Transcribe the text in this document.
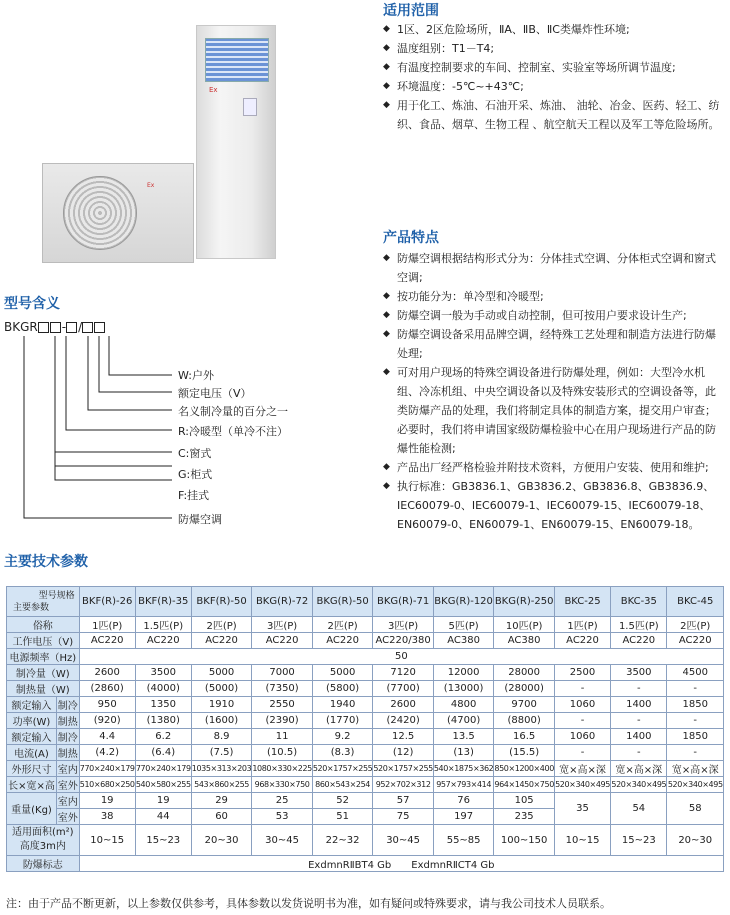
Ex
Ex
适用范围
◆ 1区、2区危险场所，ⅡA、ⅡB、ⅡC类爆炸性环境;
◆ 温度组别：T1－T4;
◆ 有温度控制要求的车间、控制室、实验室等场所调节温度;
◆ 环境温度：-5℃~+43℃;
◆ 用于化工、炼油、石油开采、炼油、 油轮、冶金、医药、轻工、纺织、食品、烟草、生物工程 、航空航天工程以及军工等危险场所。
产品特点
◆ 防爆空调根据结构形式分为：分体挂式空调、分体柜式空调和窗式空调;
◆ 按功能分为：单冷型和冷暖型;
◆ 防爆空调一般为手动或自动控制，但可按用户要求设计生产;
◆ 防爆空调设备采用品牌空调，经特殊工艺处理和制造方法进行防爆处理;
◆ 可对用户现场的特殊空调设备进行防爆处理，例如：大型冷水机组、冷冻机组、中央空调设备以及特殊安装形式的空调设备等，此类防爆产品的处理，我们将制定具体的制造方案，提交用户审查；必要时，我们将申请国家级防爆检验中心在用户现场进行产品的防爆性能检测;
◆ 产品出厂经严格检验并附技术资料，方便用户安装、使用和维护;
◆ 执行标准：GB3836.1、GB3836.2、GB3836.8、GB3836.9、IEC60079-0、IEC60079-1、IEC60079-15、IEC60079-18、EN60079-0、EN60079-1、EN60079-15、EN60079-18。
型号含义
BKGR - /
W:户外
额定电压（V）
名义制冷量的百分之一
R:冷暖型（单冷不注）
C:窗式
G:柜式
F:挂式
防爆空调
主要技术参数
型号规格
主要参数		BKF(R)-26	BKF(R)-35	BKF(R)-50	BKG(R)-72	BKG(R)-50	BKG(R)-71	BKG(R)-120	BKG(R)-250	BKC-25	BKC-35	BKC-45
俗称		1匹(P)	1.5匹(P)	2匹(P)	3匹(P)	2匹(P)	3匹(P)	5匹(P)	10匹(P)	1匹(P)	1.5匹(P)	2匹(P)
工作电压（V)		AC220	AC220	AC220	AC220	AC220	AC220/380	AC380	AC380	AC220	AC220	AC220
电源频率（Hz)		50										
制冷量（W)		2600	3500	5000	7000	5000	7120	12000	28000	2500	3500	4500
制热量（W)		(2860)	(4000)	(5000)	(7350)	(5800)	(7700)	(13000)	(28000)	-	-	-
额定输入	制冷	950	1350	1910	2550	1940	2600	4800	9700	1060	1400	1850
功率(W)	制热	(920)	(1380)	(1600)	(2390)	(1770)	(2420)	(4700)	(8800)	-	-	-
额定输入	制冷	4.4	6.2	8.9	11	9.2	12.5	13.5	16.5	1060	1400	1850
电流(A)	制热	(4.2)	(6.4)	(7.5)	(10.5)	(8.3)	(12)	(13)	(15.5)	-	-	-
外形尺寸	室内	770×240×179	770×240×179	1035×313×203	1080×330×225	520×1757×255	520×1757×255	540×1875×362	850×1200×400	宽×高×深	宽×高×深	宽×高×深
长×宽×高	室外	510×680×250	540×580×255	543×860×255	968×330×750	860×543×254	952×702×312	957×793×414	964×1450×750	520×340×495	520×340×495	520×340×495
重量(Kg)	室内	19	19	29	25	52	57	76	105	35	54	58
	室外	38	44	60	53	51	75	197	235			

适用面积(m²)
高度3m内		10~15	15~23	20~30	30~45	22~32	30~45	55~85	100~150	10~15	15~23	20~30
防爆标志		ExdmnRⅡBT4 Gb　　ExdmnRⅡCT4 Gb										
注：由于产品不断更新，以上参数仅供参考，具体参数以发货说明书为准，如有疑问或特殊要求，请与我公司技术人员联系。
